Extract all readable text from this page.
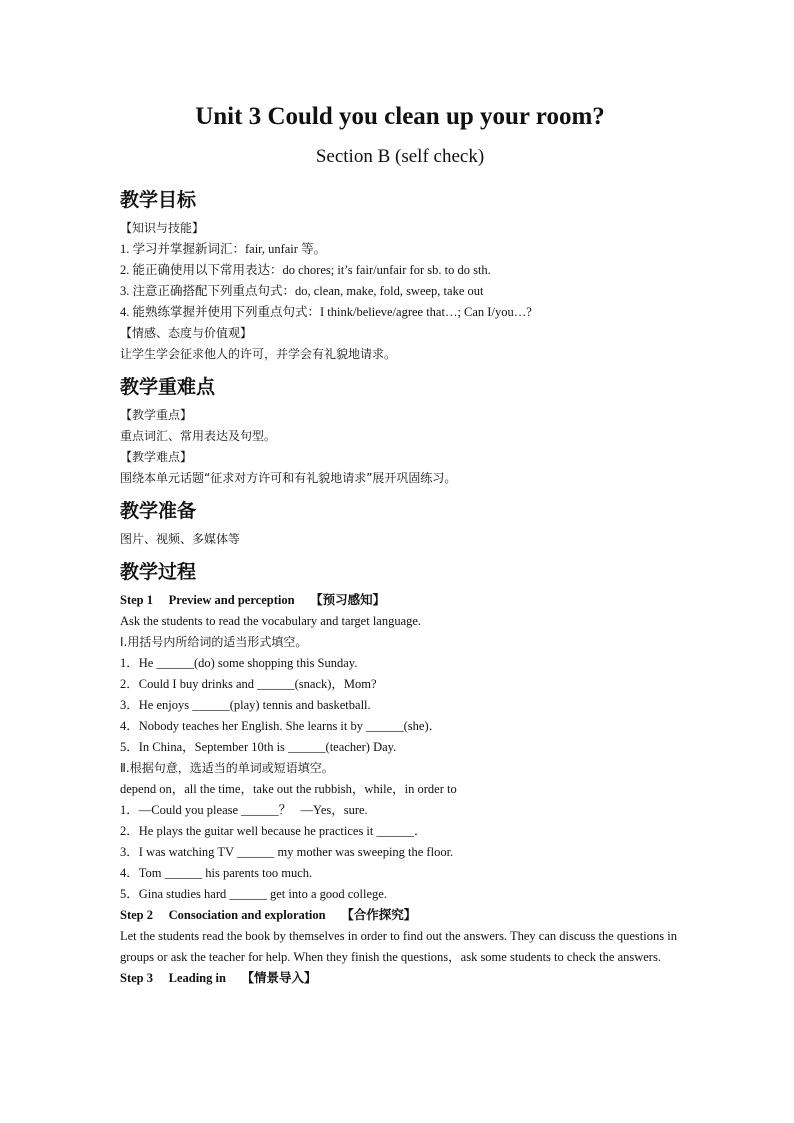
Unit 3 Could you clean up your room?
Section B (self check)
教学目标
【知识与技能】
1. 学习并掌握新词汇：fair, unfair 等。
2. 能正确使用以下常用表达：do chores; it’s fair/unfair for sb. to do sth.
3. 注意正确搭配下列重点句式：do, clean, make, fold, sweep, take out
4. 能熟练掌握并使用下列重点句式：I think/believe/agree that…; Can I/you…?
【情感、态度与价值观】
让学生学会征求他人的许可，并学会有礼貌地请求。
教学重难点
【教学重点】
重点词汇、常用表达及句型。
【教学难点】
围绕本单元话题“征求对方许可和有礼貌地请求”展开巩固练习。
教学准备
图片、视频、多媒体等
教学过程
Step 1     Preview and perception     【预习感知】
Ask the students to read the vocabulary and target language.
Ⅰ.用括号内所给词的适当形式填空。
1．He ______(do) some shopping this Sunday.
2．Could I buy drinks and ______(snack)，Mom?
3．He enjoys ______(play) tennis and basketball.
4．Nobody teaches her English. She learns it by ______(she)．
5．In China，September 10th is ______(teacher) Day.
Ⅱ.根据句意，选适当的单词或短语填空。
depend on，all the time，take out the rubbish，while，in order to
1．—Could you please ______？   —Yes，sure.
2．He plays the guitar well because he practices it ______．
3．I was watching TV ______ my mother was sweeping the floor.
4．Tom ______ his parents too much.
5．Gina studies hard ______ get into a good college.
Step 2     Consociation and exploration     【合作探究】
Let the students read the book by themselves in order to find out the answers. They can discuss the questions in groups or ask the teacher for help. When they finish the questions，ask some students to check the answers.
Step 3     Leading in     【情景导入】
